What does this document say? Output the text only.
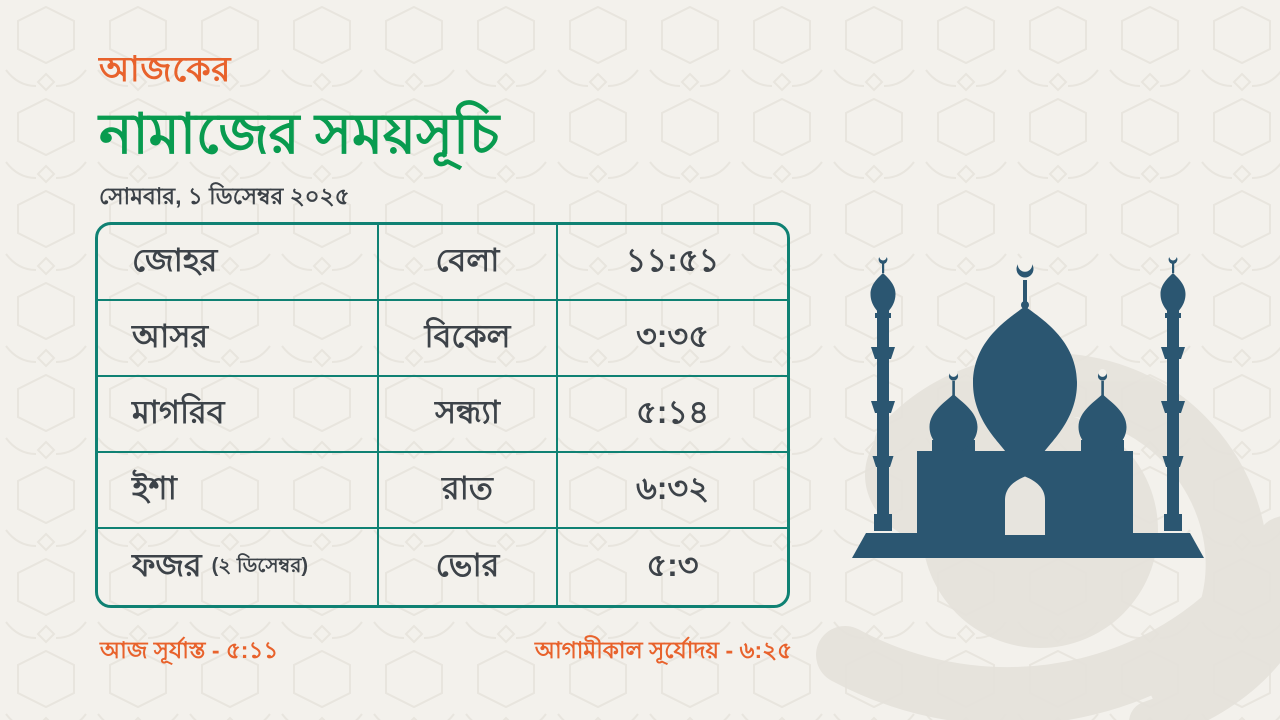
আজকের
নামাজের সময়সূচি
সোমবার, ১ ডিসেম্বর ২০২৫
জোহর	বেলা	১১:৫১
আসর	বিকেল	৩:৩৫
মাগরিব	সন্ধ্যা	৫:১৪
ইশা	রাত	৬:৩২
ফজর (২ ডিসেম্বর)	ভোর	৫:৩
আজ সূর্যাস্ত - ৫:১১	আগামীকাল সূর্যোদয় - ৬:২৫
